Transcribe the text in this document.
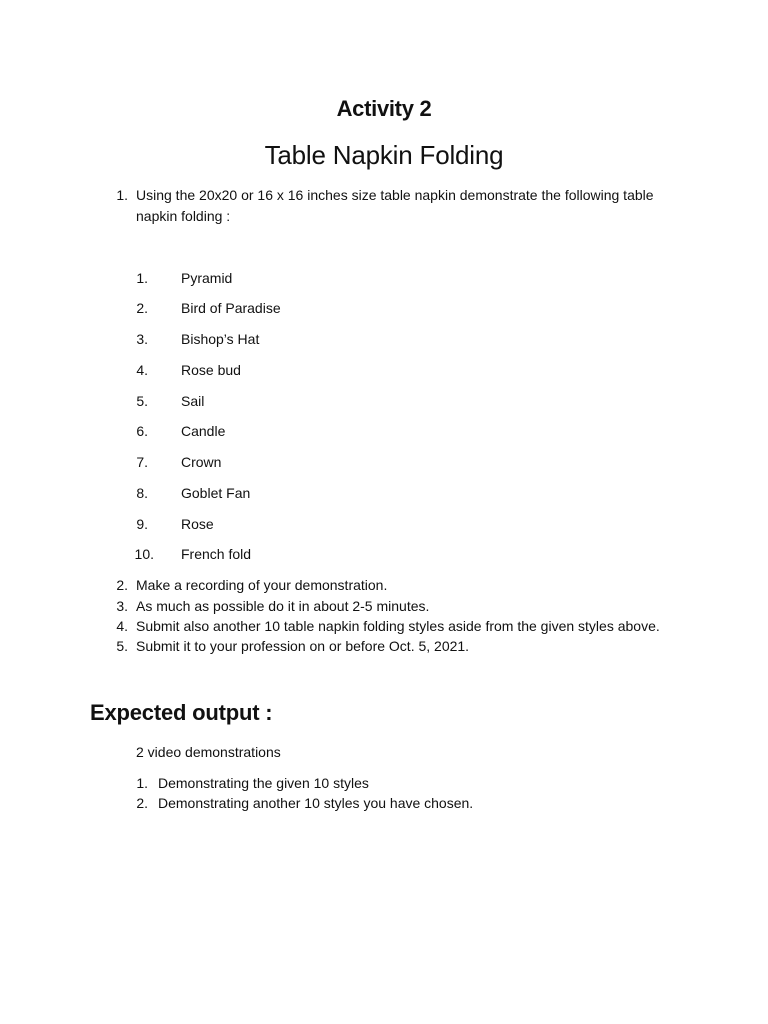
Activity 2
Table Napkin Folding

1. Using the 20x20 or 16 x 16 inches size table napkin demonstrate the following table

napkin folding :

1. Pyramid

2. Bird of Paradise

3. Bishop’s Hat

4. Rose bud

5. Sail

6. Candle

7. Crown

8. Goblet Fan

9. Rose

10. French fold

2. Make a recording of your demonstration.

3. As much as possible do it in about 2-5 minutes.

4. Submit also another 10 table napkin folding styles aside from the given styles above.

5. Submit it to your profession on or before Oct. 5, 2021.

Expected output :

2 video demonstrations

1. Demonstrating the given 10 styles

2. Demonstrating another 10 styles you have chosen.
